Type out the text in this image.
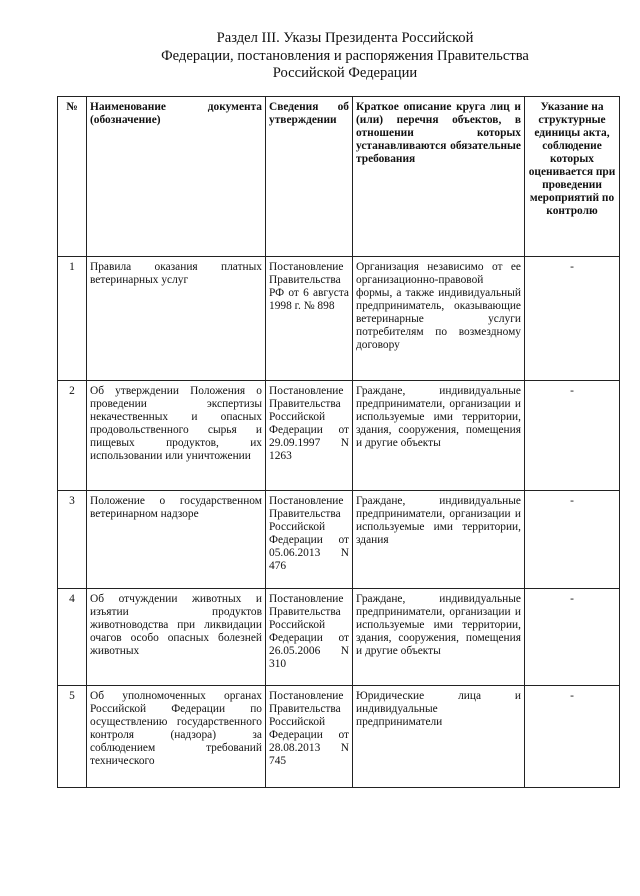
Раздел III. Указы Президента Российской
Федерации, постановления и распоряжения Правительства
Российской Федерации
№	Наименование документа (обозначение)	Сведения об утверждении	Краткое описание круга лиц и (или) перечня объектов, в отношении которых устанавливаются обязательные требования	Указание на структурные единицы акта, соблюдение которых оценивается при проведении мероприятий по контролю
1	Правила оказания платных ветеринарных услуг	Постановление Правительства РФ от 6 августа 1998 г. № 898	Организация независимо от ее организационно-правовой формы, а также индивидуальный предприниматель, оказывающие ветеринарные услуги потребителям по возмездному договору	-
2	Об утверждении Положения о проведении экспертизы некачественных и опасных продовольственного сырья и пищевых продуктов, их использовании или уничтожении	Постановление Правительства Российской Федерации от 29.09.1997 N 1263	Граждане, индивидуальные предприниматели, организации и используемые ими территории, здания, сооружения, помещения и другие объекты	-
3	Положение о государственном ветеринарном надзоре	Постановление Правительства Российской Федерации от 05.06.2013 N 476	Граждане, индивидуальные предприниматели, организации и используемые ими территории, здания	-
4	Об отчуждении животных и изъятии продуктов животноводства при ликвидации очагов особо опасных болезней животных	Постановление Правительства Российской Федерации от 26.05.2006 N 310	Граждане, индивидуальные предприниматели, организации и используемые ими территории, здания, сооружения, помещения и другие объекты	-
5	Об уполномоченных органах Российской Федерации по осуществлению государственного контроля (надзора) за соблюдением требований технического	Постановление Правительства Российской Федерации от 28.08.2013 N 745	Юридические лица и индивидуальные предприниматели	-
